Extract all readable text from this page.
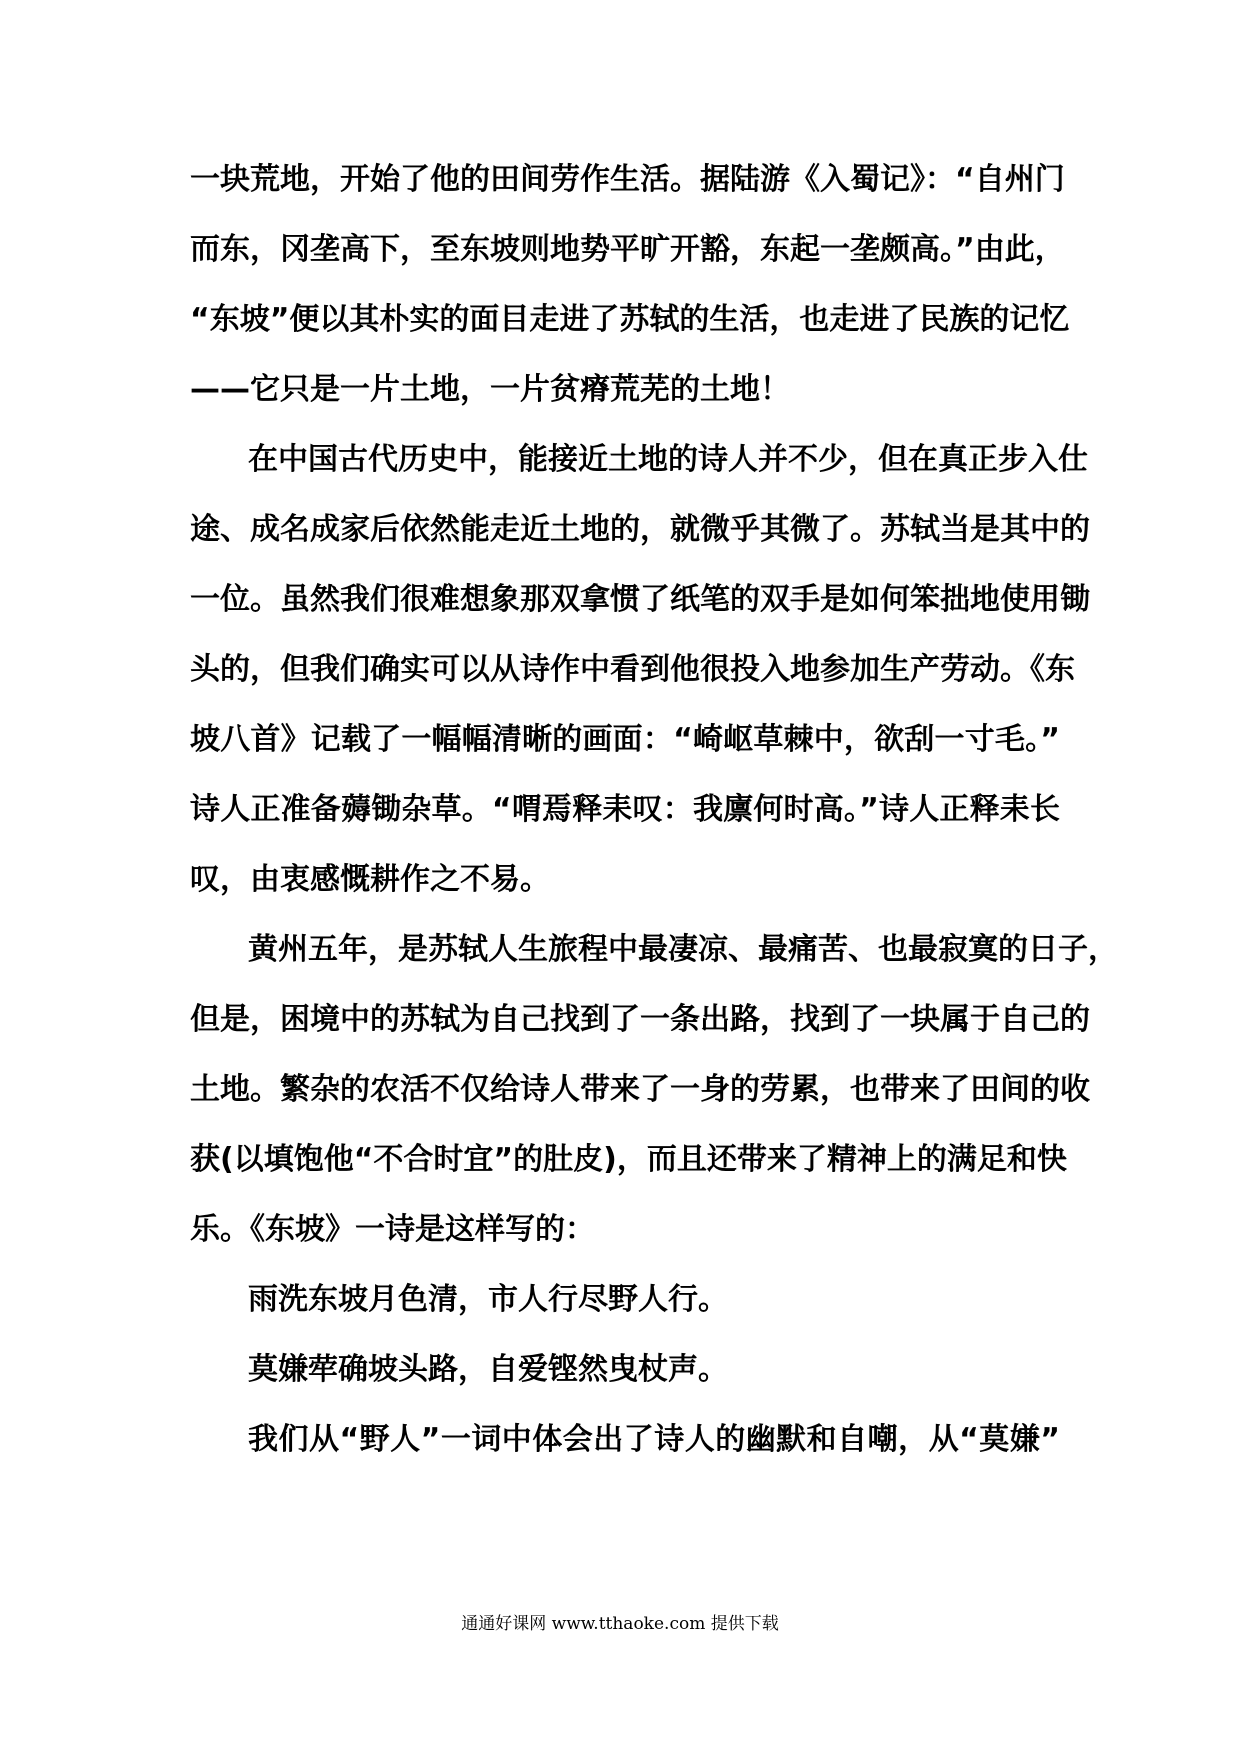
一块荒地，开始了他的田间劳作生活。据陆游《入蜀记》：“自州门
而东，冈垄高下，至东坡则地势平旷开豁，东起一垄颇高。”由此，
“东坡”便以其朴实的面目走进了苏轼的生活，也走进了民族的记忆
——它只是一片土地，一片贫瘠荒芜的土地！
在中国古代历史中，能接近土地的诗人并不少，但在真正步入仕
途、成名成家后依然能走近土地的，就微乎其微了。苏轼当是其中的
一位。虽然我们很难想象那双拿惯了纸笔的双手是如何笨拙地使用锄
头的，但我们确实可以从诗作中看到他很投入地参加生产劳动。《东
坡八首》记载了一幅幅清晰的画面：“崎岖草棘中，欲刮一寸毛。”
诗人正准备薅锄杂草。“喟焉释耒叹：我廪何时高。”诗人正释耒长
叹，由衷感慨耕作之不易。
黄州五年，是苏轼人生旅程中最凄凉、最痛苦、也最寂寞的日子，
但是，困境中的苏轼为自己找到了一条出路，找到了一块属于自己的
土地。繁杂的农活不仅给诗人带来了一身的劳累，也带来了田间的收
获(以填饱他“不合时宜”的肚皮)，而且还带来了精神上的满足和快
乐。《东坡》一诗是这样写的：
雨洗东坡月色清，市人行尽野人行。
莫嫌荦确坡头路，自爱铿然曳杖声。
我们从“野人”一词中体会出了诗人的幽默和自嘲，从“莫嫌”
通通好课网 www.tthaoke.com 提供下载
